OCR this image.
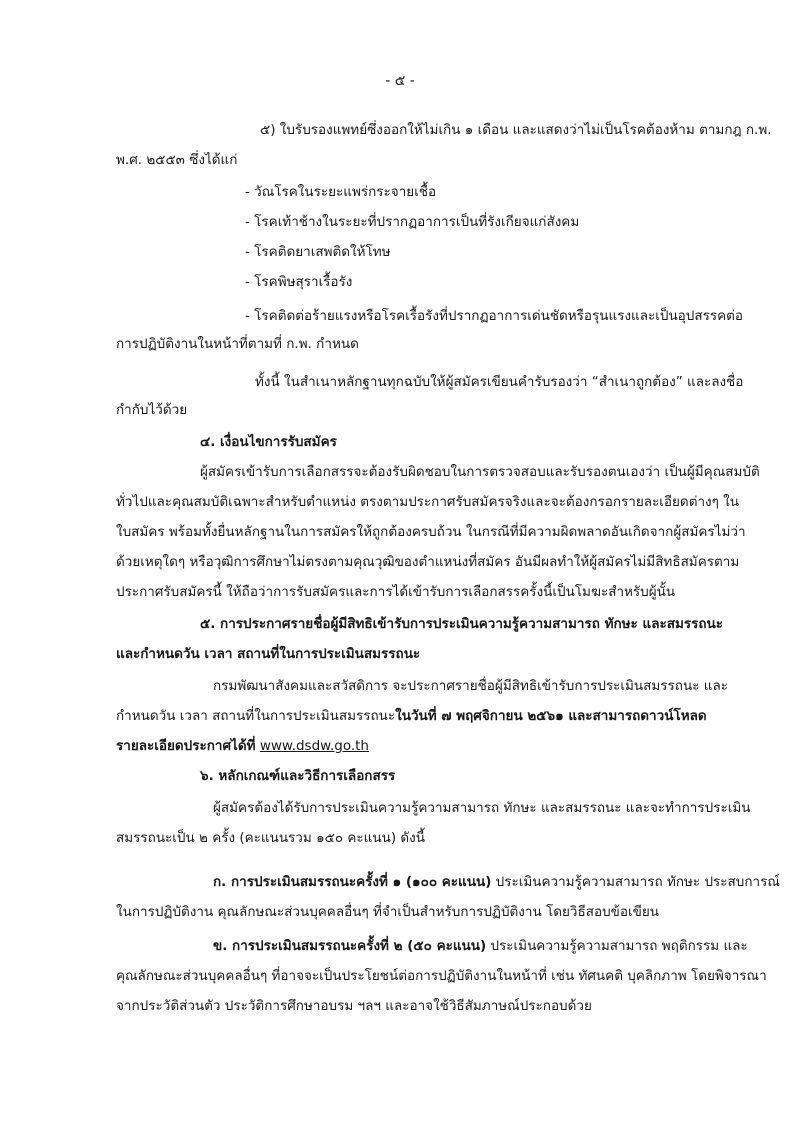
- ๕ -
๕) ใบรับรองแพทย์ซึ่งออกให้ไม่เกิน ๑ เดือน และแสดงว่าไม่เป็นโรคต้องห้าม ตามกฎ ก.พ.
พ.ศ. ๒๕๕๓ ซึ่งได้แก่
- วัณโรคในระยะแพร่กระจายเชื้อ
- โรคเท้าช้างในระยะที่ปรากฏอาการเป็นที่รังเกียจแก่สังคม
- โรคติดยาเสพติดให้โทษ
- โรคพิษสุราเรื้อรัง
- โรคติดต่อร้ายแรงหรือโรคเรื้อรังที่ปรากฏอาการเด่นชัดหรือรุนแรงและเป็นอุปสรรคต่อ
การปฏิบัติงานในหน้าที่ตามที่ ก.พ. กำหนด
ทั้งนี้ ในสำเนาหลักฐานทุกฉบับให้ผู้สมัครเขียนคำรับรองว่า “สำเนาถูกต้อง” และลงชื่อ
กำกับไว้ด้วย
๔. เงื่อนไขการรับสมัคร
ผู้สมัครเข้ารับการเลือกสรรจะต้องรับผิดชอบในการตรวจสอบและรับรองตนเองว่า เป็นผู้มีคุณสมบัติ
ทั่วไปและคุณสมบัติเฉพาะสำหรับตำแหน่ง ตรงตามประกาศรับสมัครจริงและจะต้องกรอกรายละเอียดต่างๆ ใน
ใบสมัคร พร้อมทั้งยื่นหลักฐานในการสมัครให้ถูกต้องครบถ้วน ในกรณีที่มีความผิดพลาดอันเกิดจากผู้สมัครไม่ว่า
ด้วยเหตุใดๆ หรือวุฒิการศึกษาไม่ตรงตามคุณวุฒิของตำแหน่งที่สมัคร อันมีผลทำให้ผู้สมัครไม่มีสิทธิสมัครตาม
ประกาศรับสมัครนี้ ให้ถือว่าการรับสมัครและการได้เข้ารับการเลือกสรรครั้งนี้เป็นโมฆะสำหรับผู้นั้น
๕. การประกาศรายชื่อผู้มีสิทธิเข้ารับการประเมินความรู้ความสามารถ ทักษะ และสมรรถนะ
และกำหนดวัน เวลา สถานที่ในการประเมินสมรรถนะ
กรมพัฒนาสังคมและสวัสดิการ จะประกาศรายชื่อผู้มีสิทธิเข้ารับการประเมินสมรรถนะ และ
กำหนดวัน เวลา สถานที่ในการประเมินสมรรถนะในวันที่ ๗ พฤศจิกายน ๒๕๖๑ และสามารถดาวน์โหลด
รายละเอียดประกาศได้ที่ www.dsdw.go.th
๖. หลักเกณฑ์และวิธีการเลือกสรร
ผู้สมัครต้องได้รับการประเมินความรู้ความสามารถ ทักษะ และสมรรถนะ และจะทำการประเมิน
สมรรถนะเป็น ๒ ครั้ง (คะแนนรวม ๑๕๐ คะแนน) ดังนี้
ก. การประเมินสมรรถนะครั้งที่ ๑ (๑๐๐ คะแนน) ประเมินความรู้ความสามารถ ทักษะ ประสบการณ์
ในการปฏิบัติงาน คุณลักษณะส่วนบุคคลอื่นๆ ที่จำเป็นสำหรับการปฏิบัติงาน โดยวิธีสอบข้อเขียน
ข. การประเมินสมรรถนะครั้งที่ ๒ (๕๐ คะแนน) ประเมินความรู้ความสามารถ พฤติกรรม และ
คุณลักษณะส่วนบุคคลอื่นๆ ที่อาจจะเป็นประโยชน์ต่อการปฏิบัติงานในหน้าที่ เช่น ทัศนคติ บุคลิกภาพ โดยพิจารณา
จากประวัติส่วนตัว ประวัติการศึกษาอบรม ฯลฯ และอาจใช้วิธีสัมภาษณ์ประกอบด้วย
